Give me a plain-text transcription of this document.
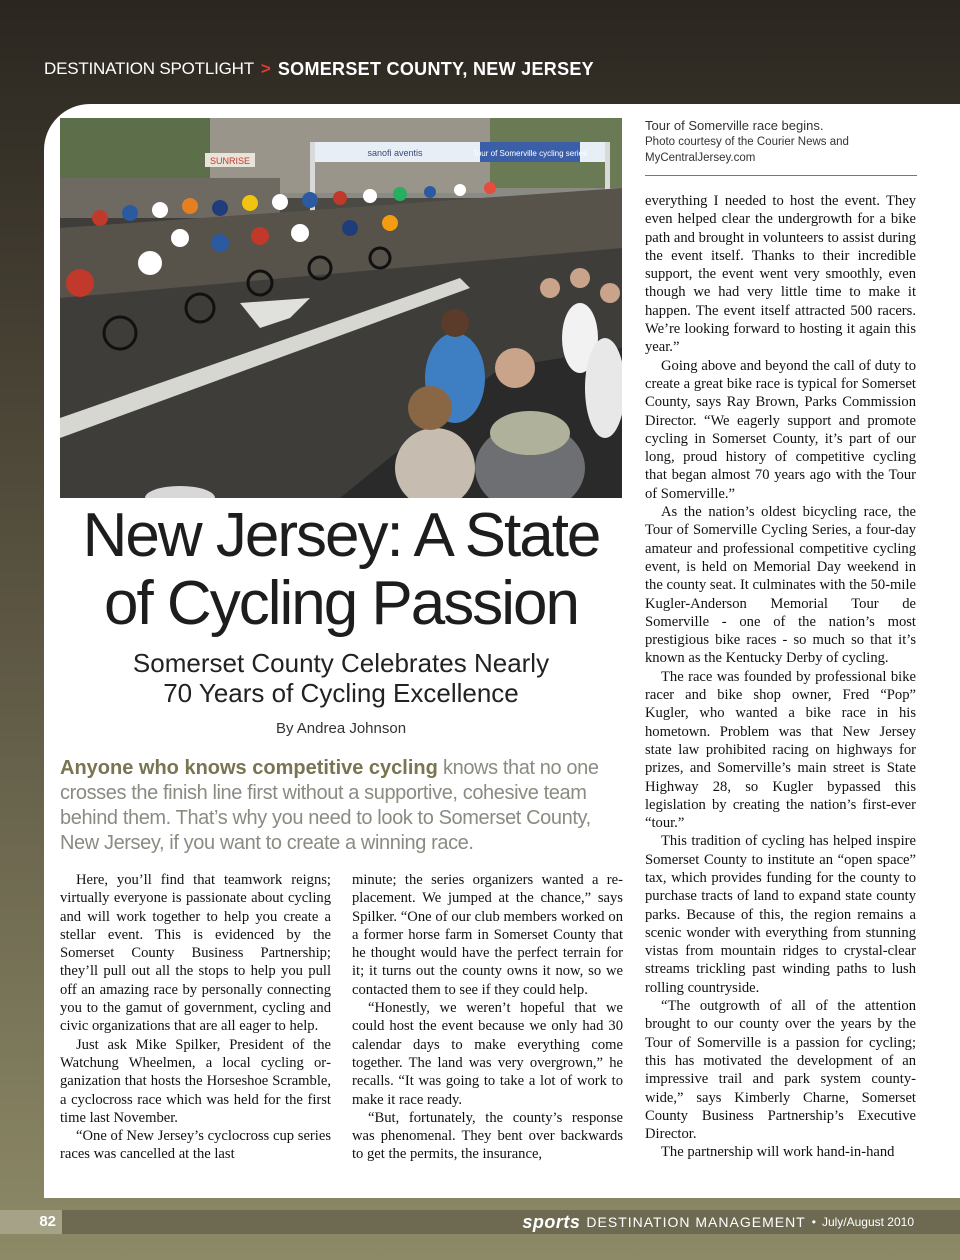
DESTINATION SPOTLIGHT > SOMERSET COUNTY, NEW JERSEY
SUNRISE
sanofi aventis	Tour of Somerville cycling series
Tour of Somerville race begins.
Photo courtesy of the Courier News and
MyCentralJersey.com
New Jersey: A State
of Cycling Passion
Somerset County Celebrates Nearly
70 Years of Cycling Excellence
By Andrea Johnson
Anyone who knows competitive cycling knows that no one crosses the finish line first without a supportive, cohesive team behind them. That’s why you need to look to Somerset County, New Jersey, if you want to create a winning race.

Here, you’ll find that teamwork reigns; virtually everyone is passionate about cycling and will work together to help you create a stellar event. This is evidenced by the Somerset County Business Partnership; they’ll pull out all the stops to help you pull off an amazing race by personally connecting you to the gamut of government, cycling and civic organizations that are all eager to help.

Just ask Mike Spilker, President of the Watchung Wheelmen, a local cycling organization that hosts the Horseshoe Scramble, a cyclocross race which was held for the first time last November.

“One of New Jersey’s cyclocross cup series races was cancelled at the last

minute; the series organizers wanted a replacement. We jumped at the chance,” says Spilker. “One of our club members worked on a former horse farm in Somerset County that he thought would have the perfect terrain for it; it turns out the county owns it now, so we contacted them to see if they could help.

“Honestly, we weren’t hopeful that we could host the event because we only had 30 calendar days to make everything come together. The land was very overgrown,” he recalls. “It was going to take a lot of work to make it race ready.

“But, fortunately, the county’s response was phenomenal. They bent over backwards to get the permits, the insurance,

everything I needed to host the event. They even helped clear the undergrowth for a bike path and brought in volunteers to assist during the event itself. Thanks to their incredible support, the event went very smoothly, even though we had very little time to make it happen. The event itself attracted 500 racers. We’re looking forward to hosting it again this year.”

Going above and beyond the call of duty to create a great bike race is typical for Somerset County, says Ray Brown, Parks Commission Director. “We eagerly support and promote cycling in Somerset County, it’s part of our long, proud history of competitive cycling that began almost 70 years ago with the Tour of Somerville.”

As the nation’s oldest bicycling race, the Tour of Somerville Cycling Series, a four-day amateur and professional competitive cycling event, is held on Memorial Day weekend in the county seat. It culminates with the 50-mile Kugler-Anderson Memorial Tour de Somerville - one of the nation’s most prestigious bike races - so much so that it’s known as the Kentucky Derby of cycling.

The race was founded by professional bike racer and bike shop owner, Fred “Pop” Kugler, who wanted a bike race in his hometown. Problem was that New Jersey state law prohibited racing on highways for prizes, and Somerville’s main street is State Highway 28, so Kugler bypassed this legislation by creating the nation’s first-ever “tour.”

This tradition of cycling has helped inspire Somerset County to institute an “open space” tax, which provides funding for the county to purchase tracts of land to expand state county parks. Because of this, the region remains a scenic wonder with everything from stunning vistas from mountain ridges to crystal-clear streams trickling past winding paths to lush rolling countryside.

“The outgrowth of all of the attention brought to our county over the years by the Tour of Somerville is a passion for cycling; this has motivated the development of an impressive trail and park system county-wide,” says Kimberly Charne, Somerset County Business Partnership’s Executive Director.

The partnership will work hand-in-hand

82	sports DESTINATION MANAGEMENT • July/August 2010
